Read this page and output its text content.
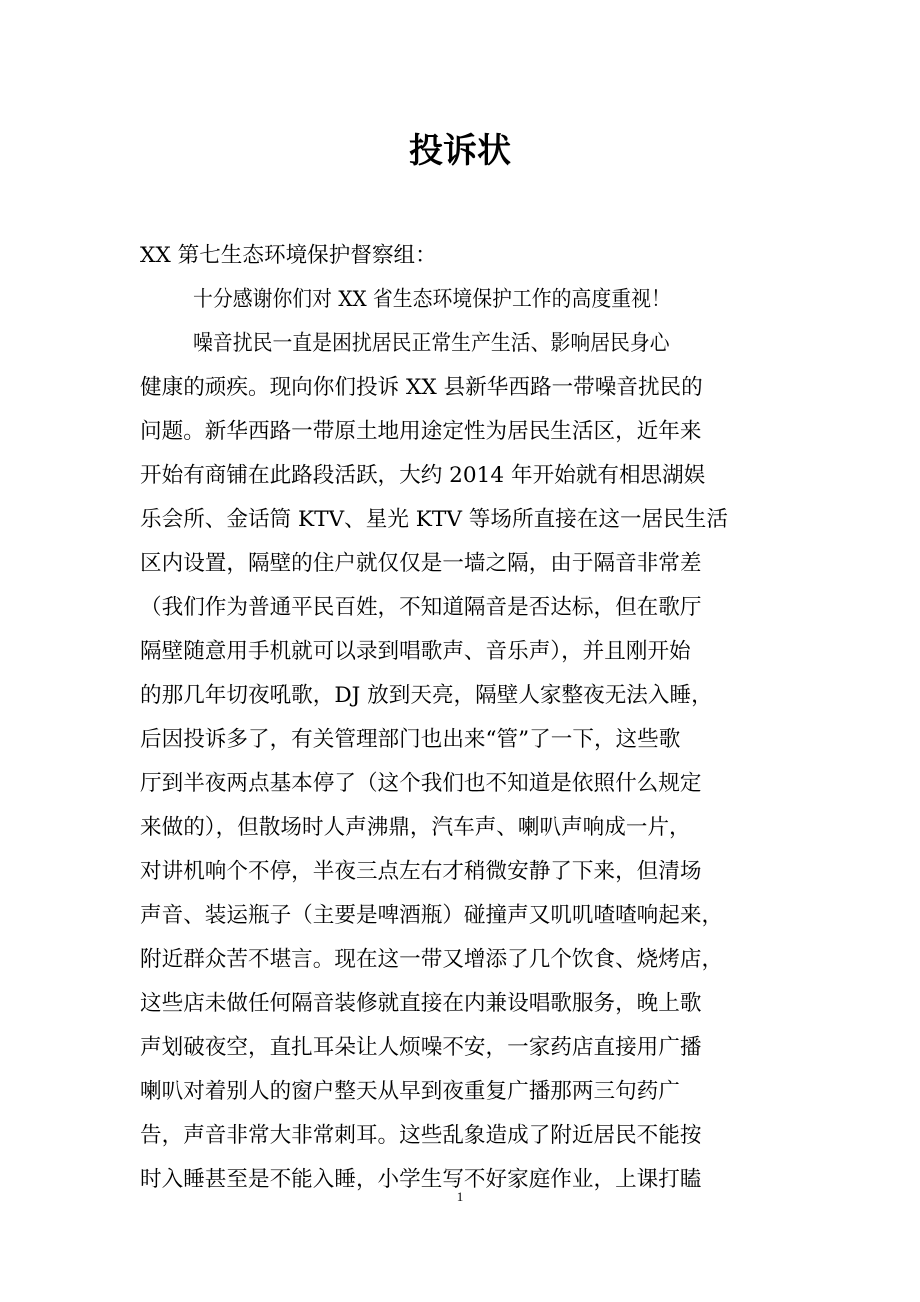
投诉状
XX 第七生态环境保护督察组：
十分感谢你们对 XX 省生态环境保护工作的高度重视！
噪音扰民一直是困扰居民正常生产生活、影响居民身心
健康的顽疾。现向你们投诉 XX 县新华西路一带噪音扰民的
问题。新华西路一带原土地用途定性为居民生活区，近年来
开始有商铺在此路段活跃，大约 2014 年开始就有相思湖娱
乐会所、金话筒 KTV、星光 KTV 等场所直接在这一居民生活
区内设置，隔壁的住户就仅仅是一墙之隔，由于隔音非常差
（我们作为普通平民百姓，不知道隔音是否达标，但在歌厅
隔壁随意用手机就可以录到唱歌声、音乐声），并且刚开始
的那几年切夜吼歌，DJ 放到天亮，隔壁人家整夜无法入睡，
后因投诉多了，有关管理部门也出来“管”了一下，这些歌
厅到半夜两点基本停了（这个我们也不知道是依照什么规定
来做的），但散场时人声沸鼎，汽车声、喇叭声响成一片，
对讲机响个不停，半夜三点左右才稍微安静了下来，但清场
声音、装运瓶子（主要是啤酒瓶）碰撞声又叽叽喳喳响起来，
附近群众苦不堪言。现在这一带又增添了几个饮食、烧烤店，
这些店未做任何隔音装修就直接在内兼设唱歌服务，晚上歌
声划破夜空，直扎耳朵让人烦噪不安，一家药店直接用广播
喇叭对着别人的窗户整天从早到夜重复广播那两三句药广
告，声音非常大非常刺耳。这些乱象造成了附近居民不能按
时入睡甚至是不能入睡，小学生写不好家庭作业，上课打瞌
1
